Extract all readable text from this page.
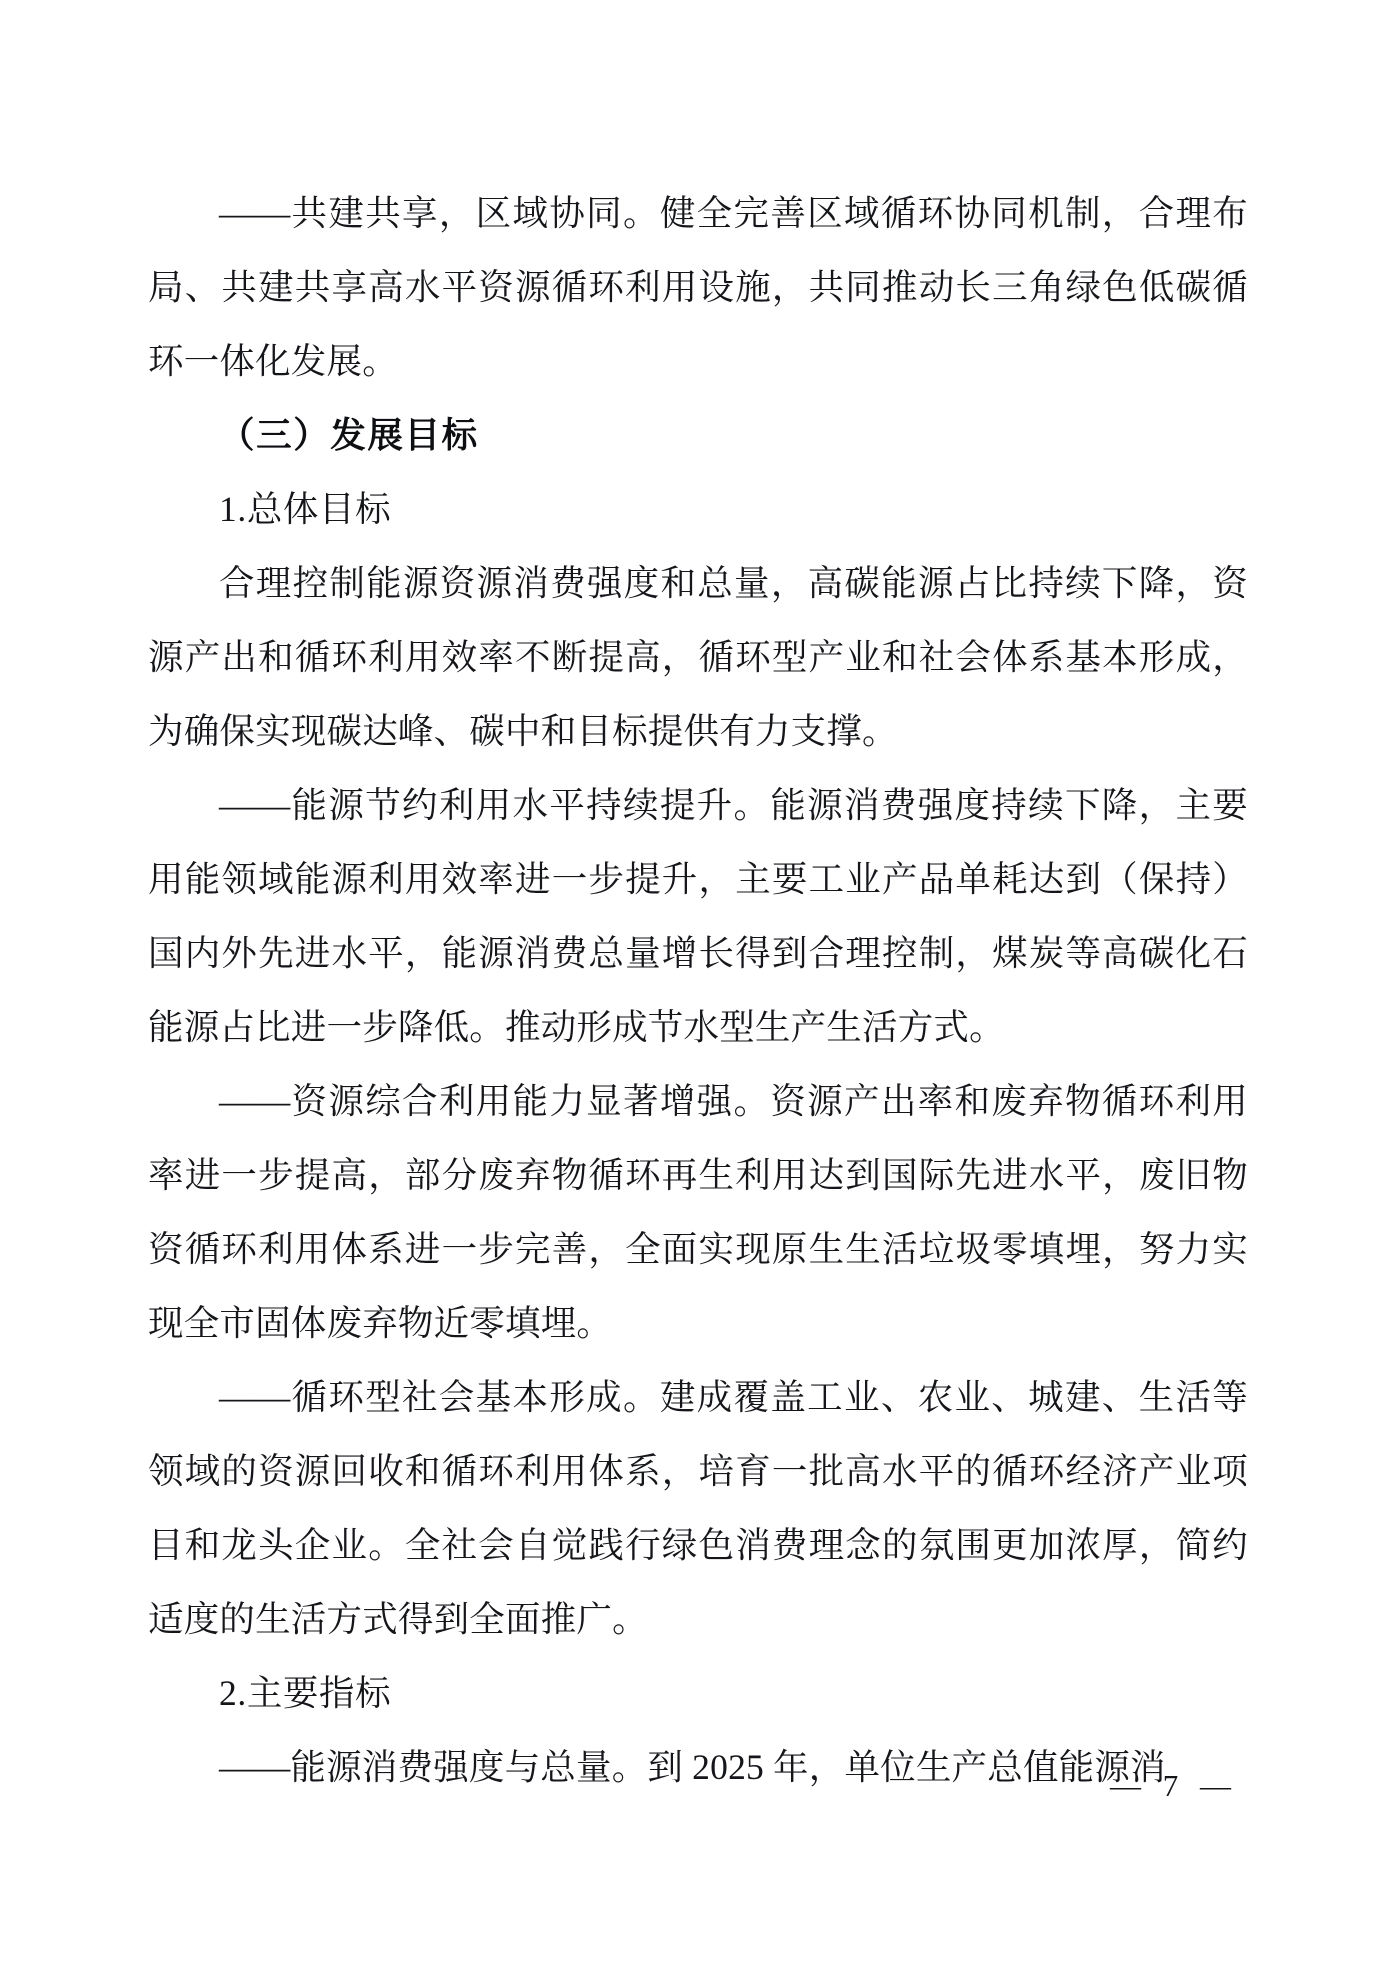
——共建共享，区域协同。健全完善区域循环协同机制，合理布局、共建共享高水平资源循环利用设施，共同推动长三角绿色低碳循环一体化发展。

（三）发展目标

1.总体目标

合理控制能源资源消费强度和总量，高碳能源占比持续下降，资源产出和循环利用效率不断提高，循环型产业和社会体系基本形成，为确保实现碳达峰、碳中和目标提供有力支撑。

——能源节约利用水平持续提升。能源消费强度持续下降，主要用能领域能源利用效率进一步提升，主要工业产品单耗达到（保持）国内外先进水平，能源消费总量增长得到合理控制，煤炭等高碳化石能源占比进一步降低。推动形成节水型生产生活方式。

——资源综合利用能力显著增强。资源产出率和废弃物循环利用率进一步提高，部分废弃物循环再生利用达到国际先进水平，废旧物资循环利用体系进一步完善，全面实现原生生活垃圾零填埋，努力实现全市固体废弃物近零填埋。

——循环型社会基本形成。建成覆盖工业、农业、城建、生活等领域的资源回收和循环利用体系，培育一批高水平的循环经济产业项目和龙头企业。全社会自觉践行绿色消费理念的氛围更加浓厚，简约适度的生活方式得到全面推广。

2.主要指标

——能源消费强度与总量。到 2025 年，单位生产总值能源消

— 7 —
